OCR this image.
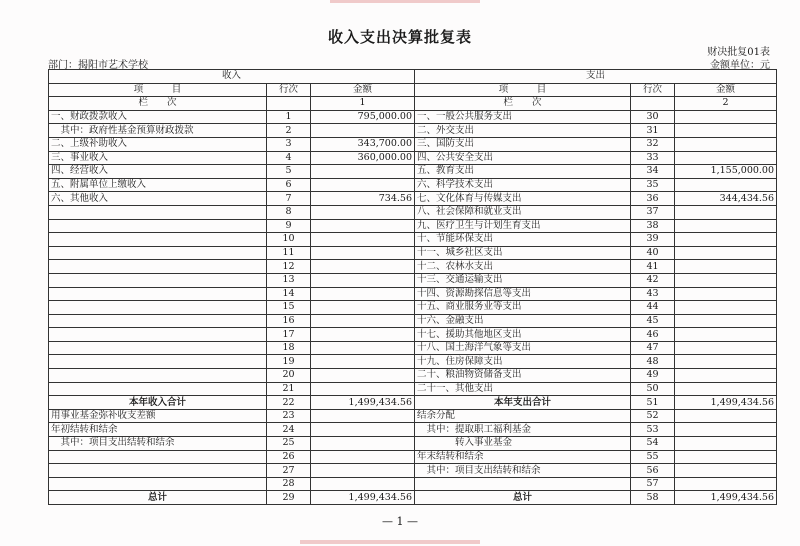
收入支出决算批复表
部门：揭阳市艺术学校
财决批复01表
金额单位：元
收入			支出		
项　　　目	行次	金额	项　　　目	行次	金额
栏　　次		1	栏　　次		2
一、财政拨款收入	1	795,000.00	一、一般公共服务支出	30	
　其中：政府性基金预算财政拨款	2		二、外交支出	31	
二、上级补助收入	3	343,700.00	三、国防支出	32	
三、事业收入	4	360,000.00	四、公共安全支出	33	
四、经营收入	5		五、教育支出	34	1,155,000.00
五、附属单位上缴收入	6		六、科学技术支出	35	
六、其他收入	7	734.56	七、文化体育与传媒支出	36	344,434.56
	8		八、社会保障和就业支出	37	
	9		九、医疗卫生与计划生育支出	38	
	10		十、节能环保支出	39	
	11		十一、城乡社区支出	40	
	12		十二、农林水支出	41	
	13		十三、交通运输支出	42	
	14		十四、资源勘探信息等支出	43	
	15		十五、商业服务业等支出	44	
	16		十六、金融支出	45	
	17		十七、援助其他地区支出	46	
	18		十八、国土海洋气象等支出	47	
	19		十九、住房保障支出	48	
	20		二十、粮油物资储备支出	49	
	21		二十一、其他支出	50	
本年收入合计	22	1,499,434.56	本年支出合计	51	1,499,434.56
用事业基金弥补收支差额	23		结余分配	52	
年初结转和结余	24		　其中：提取职工福利基金	53	
　其中：项目支出结转和结余	25		　　　　转入事业基金	54	
	26		年末结转和结余	55	
	27		　其中：项目支出结转和结余	56	
	28			57	
总计	29	1,499,434.56	总计	58	1,499,434.56
— 1 —
